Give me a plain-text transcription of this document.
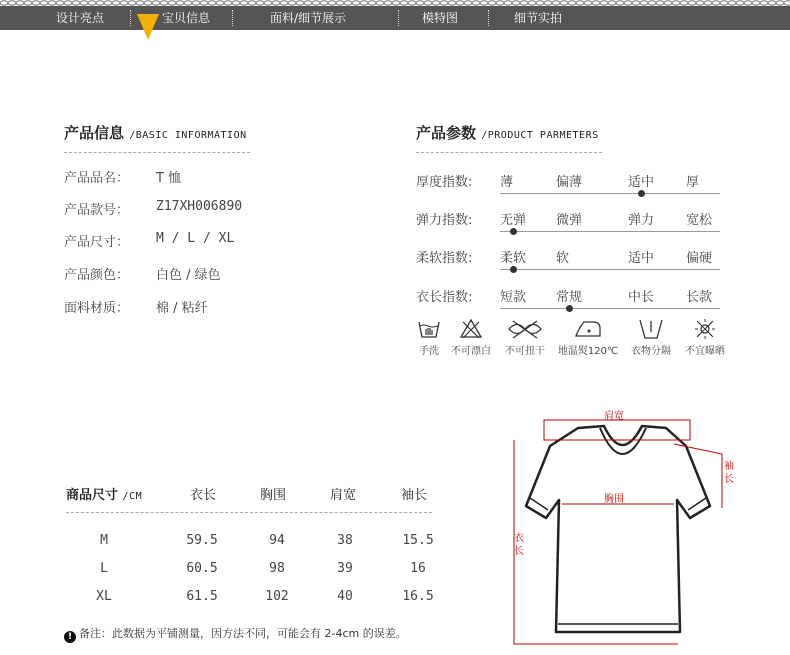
设计亮点	宝贝信息	面料/细节展示	模特图	细节实拍
产品信息 /BASIC INFORMATION
产品品名： T 恤
产品款号： Z17XH006890
产品尺寸： M / L / XL
产品颜色： 白色 / 绿色
面料材质： 棉 / 粘纤
产品参数 /PRODUCT PARMETERS
厚度指数: 薄	偏薄	适中 厚
弹力指数: 无弹 微弹	弹力 宽松
柔软指数: 柔软 软	适中 偏硬
衣长指数: 短款 常规	中长 长款
手洗	不可漂白	不可扭干	地温熨120℃	衣物分隔	不宜曝晒
商品尺寸 /CM	衣长	胸围	肩宽	袖长
M	59.5	94	38	15.5
L	60.5	98	39	16
XL	61.5	102	40	16.5
! 备注：此数据为平铺测量，因方法不同，可能会有 2-4cm 的误差。
肩宽
胸围
袖长
衣长
